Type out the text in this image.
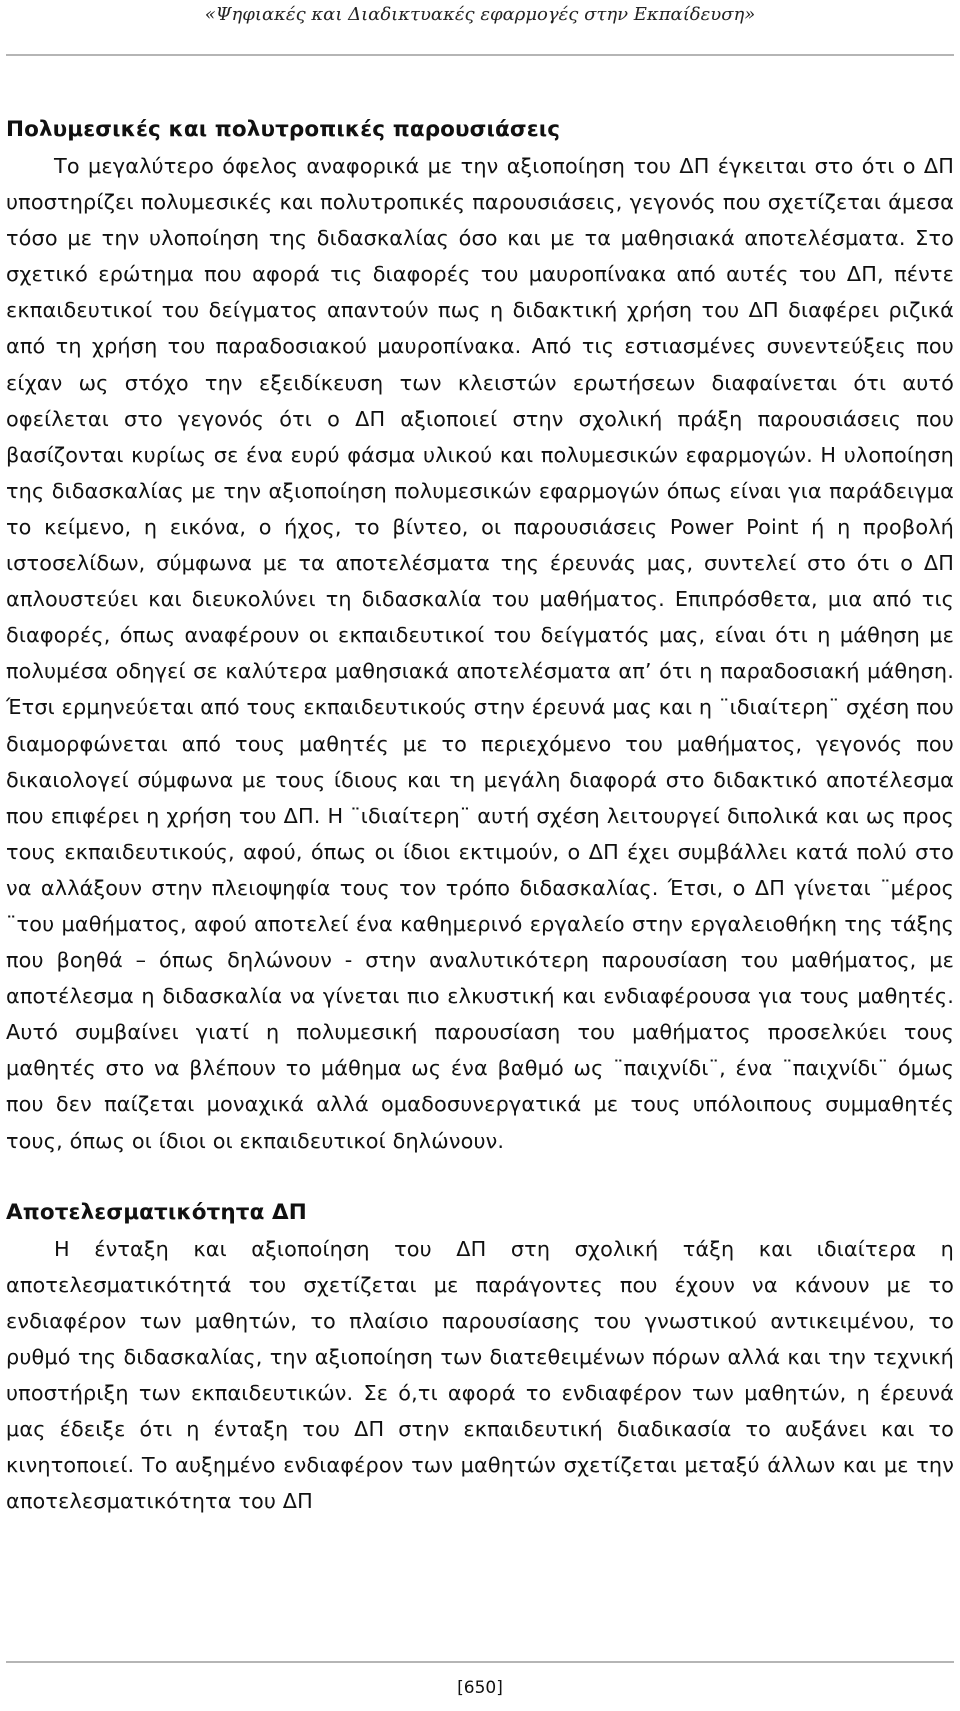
«Ψηφιακές και Διαδικτυακές εφαρμογές στην Εκπαίδευση»
Πολυμεσικές και πολυτροπικές παρουσιάσεις

Το μεγαλύτερο όφελος αναφορικά με την αξιοποίηση του ΔΠ έγκειται στο ότι ο ΔΠ υποστηρίζει πολυμεσικές και πολυτροπικές παρουσιάσεις, γεγονός που σχετίζεται άμεσα τόσο με την υλοποίηση της διδασκαλίας όσο και με τα μαθησιακά αποτελέσματα. Στο σχετικό ερώτημα που αφορά τις διαφορές του μαυροπίνακα από αυτές του ΔΠ, πέντε εκπαιδευτικοί του δείγματος απαντούν πως η διδακτική χρήση του ΔΠ διαφέρει ριζικά από τη χρήση του παραδοσιακού μαυροπίνακα. Από τις εστιασμένες συνεντεύξεις που είχαν ως στόχο την εξειδίκευση των κλειστών ερωτήσεων διαφαίνεται ότι αυτό οφείλεται στο γεγονός ότι ο ΔΠ αξιοποιεί στην σχολική πράξη παρουσιάσεις που βασίζονται κυρίως σε ένα ευρύ φάσμα υλικού και πολυμεσικών εφαρμογών. Η υλοποίηση της διδασκαλίας με την αξιοποίηση πολυμεσικών εφαρμογών όπως είναι για παράδειγμα το κείμενο, η εικόνα, ο ήχος, το βίντεο, οι παρουσιάσεις Power Point ή η προβολή ιστοσελίδων, σύμφωνα με τα αποτελέσματα της έρευνάς μας, συντελεί στο ότι ο ΔΠ απλουστεύει και διευκολύνει τη διδασκαλία του μαθήματος. Επιπρόσθετα, μια από τις διαφορές, όπως αναφέρουν οι εκπαιδευτικοί του δείγματός μας, είναι ότι η μάθηση με πολυμέσα οδηγεί σε καλύτερα μαθησιακά αποτελέσματα απ’ ότι η παραδοσιακή μάθηση. Έτσι ερμηνεύεται από τους εκπαιδευτικούς στην έρευνά μας και η ¨ιδιαίτερη¨ σχέση που διαμορφώνεται από τους μαθητές με το περιεχόμενο του μαθήματος, γεγονός που δικαιολογεί σύμφωνα με τους ίδιους και τη μεγάλη διαφορά στο διδακτικό αποτέλεσμα που επιφέρει η χρήση του ΔΠ. Η ¨ιδιαίτερη¨ αυτή σχέση λειτουργεί διπολικά και ως προς τους εκπαιδευτικούς, αφού, όπως οι ίδιοι εκτιμούν, ο ΔΠ έχει συμβάλλει κατά πολύ στο να αλλάξουν στην πλειοψηφία τους τον τρόπο διδασκαλίας. Έτσι, ο ΔΠ γίνεται ¨μέρος ¨του μαθήματος, αφού αποτελεί ένα καθημερινό εργαλείο στην εργαλειοθήκη της τάξης που βοηθά – όπως δηλώνουν - στην αναλυτικότερη παρουσίαση του μαθήματος, με αποτέλεσμα η διδασκαλία να γίνεται πιο ελκυστική και ενδιαφέρουσα για τους μαθητές. Αυτό συμβαίνει γιατί η πολυμεσική παρουσίαση του μαθήματος προσελκύει τους μαθητές στο να βλέπουν το μάθημα ως ένα βαθμό ως ¨παιχνίδι¨, ένα ¨παιχνίδι¨ όμως που δεν παίζεται μοναχικά αλλά ομαδοσυνεργατικά με τους υπόλοιπους συμμαθητές τους, όπως οι ίδιοι οι εκπαιδευτικοί δηλώνουν.

Αποτελεσματικότητα ΔΠ

Η ένταξη και αξιοποίηση του ΔΠ στη σχολική τάξη και ιδιαίτερα η αποτελεσματικότητά του σχετίζεται με παράγοντες που έχουν να κάνουν με το ενδιαφέρον των μαθητών, το πλαίσιο παρουσίασης του γνωστικού αντικειμένου, το ρυθμό της διδασκαλίας, την αξιοποίηση των διατεθειμένων πόρων αλλά και την τεχνική υποστήριξη των εκπαιδευτικών. Σε ό,τι αφορά το ενδιαφέρον των μαθητών, η έρευνά μας έδειξε ότι η ένταξη του ΔΠ στην εκπαιδευτική διαδικασία το αυξάνει και το κινητοποιεί. Το αυξημένο ενδιαφέρον των μαθητών σχετίζεται μεταξύ άλλων και με την αποτελεσματικότητα του ΔΠ

[650]
